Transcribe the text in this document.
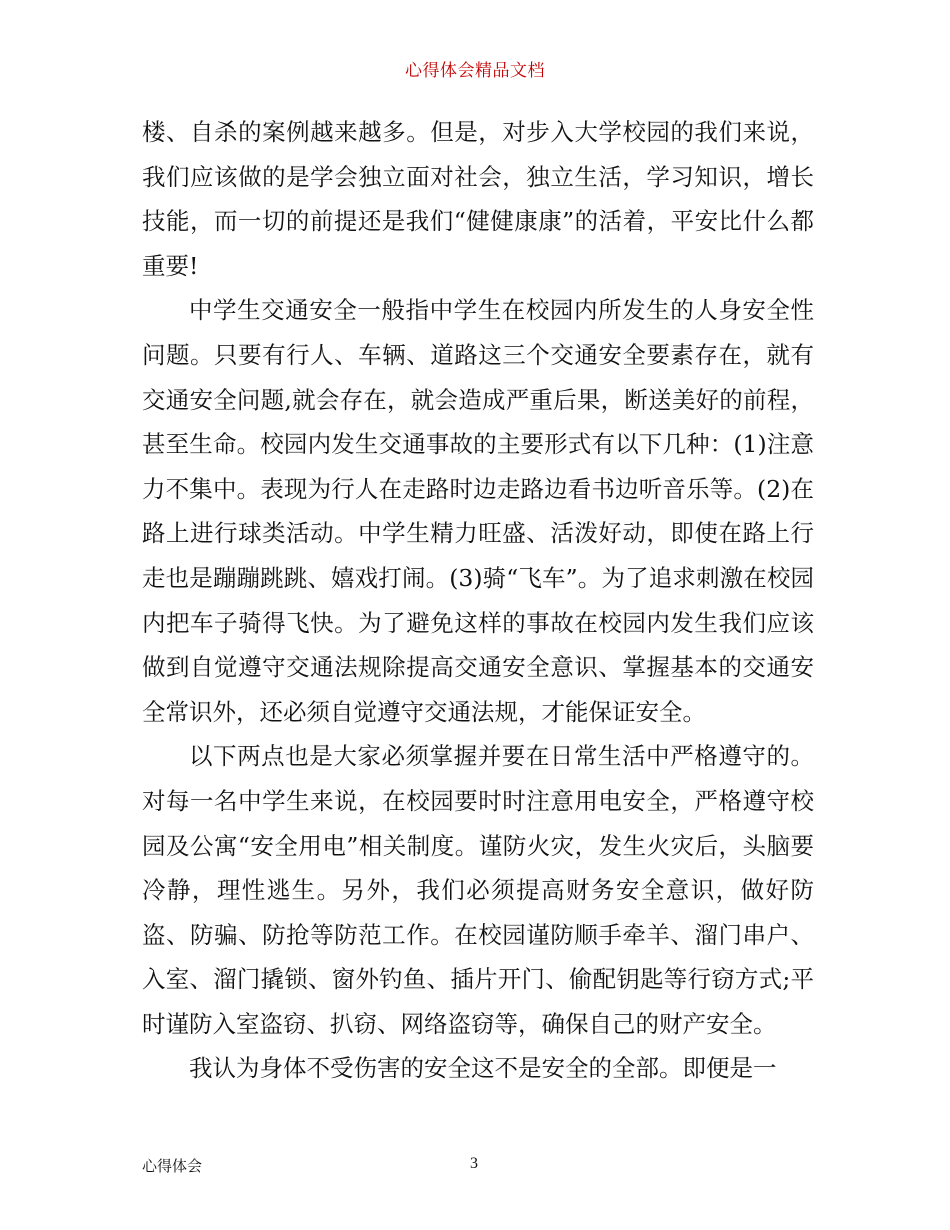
心得体会精品文档

楼、自杀的案例越来越多。但是，对步入大学校园的我们来说，我们应该做的是学会独立面对社会，独立生活，学习知识，增长技能，而一切的前提还是我们“健健康康”的活着，平安比什么都重要!

中学生交通安全一般指中学生在校园内所发生的人身安全性问题。只要有行人、车辆、道路这三个交通安全要素存在，就有交通安全问题,就会存在，就会造成严重后果，断送美好的前程，甚至生命。校园内发生交通事故的主要形式有以下几种：(1)注意力不集中。表现为行人在走路时边走路边看书边听音乐等。(2)在路上进行球类活动。中学生精力旺盛、活泼好动，即使在路上行走也是蹦蹦跳跳、嬉戏打闹。(3)骑“飞车”。为了追求刺激在校园内把车子骑得飞快。为了避免这样的事故在校园内发生我们应该做到自觉遵守交通法规除提高交通安全意识、掌握基本的交通安全常识外，还必须自觉遵守交通法规，才能保证安全。

以下两点也是大家必须掌握并要在日常生活中严格遵守的。对每一名中学生来说，在校园要时时注意用电安全，严格遵守校园及公寓“安全用电”相关制度。谨防火灾，发生火灾后，头脑要冷静，理性逃生。另外，我们必须提高财务安全意识，做好防盗、防骗、防抢等防范工作。在校园谨防顺手牵羊、溜门串户、入室、溜门撬锁、窗外钓鱼、插片开门、偷配钥匙等行窃方式;平时谨防入室盗窃、扒窃、网络盗窃等，确保自己的财产安全。

我认为身体不受伤害的安全这不是安全的全部。即便是一

心得体会	3
